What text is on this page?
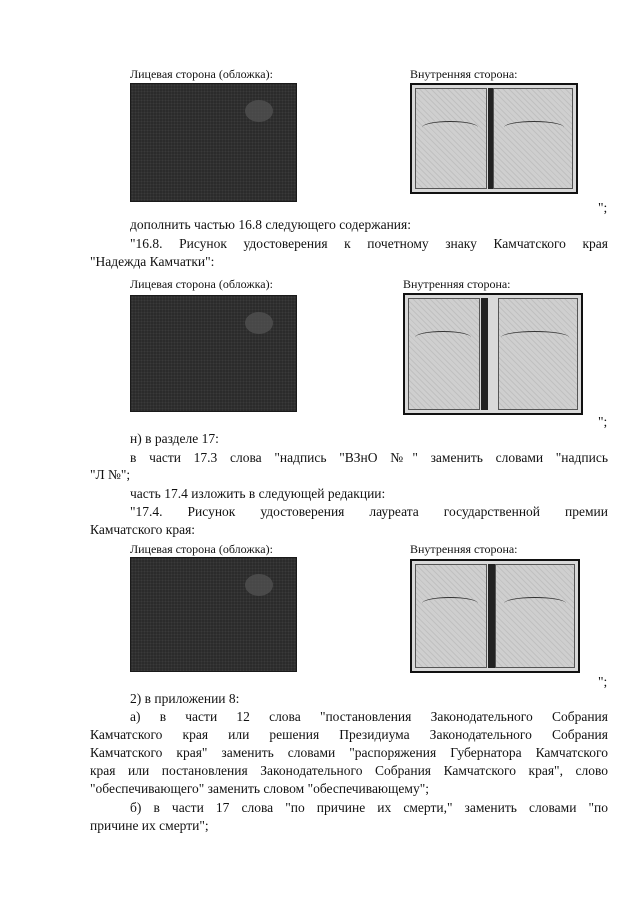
Лицевая сторона (обложка):	Внутренняя сторона:
";
дополнить частью 16.8 следующего содержания:
"16.8. Рисунок удостоверения к почетному знаку Камчатского края
"Надежда Камчатки":
Лицевая сторона (обложка):	Внутренняя сторона:
";
н) в разделе 17:
в части 17.3 слова "надпись "ВЗнО №" заменить словами "надпись
"Л №";
часть 17.4 изложить в следующей редакции:
"17.4. Рисунок удостоверения лауреата государственной премии
Камчатского края:
Лицевая сторона (обложка):	Внутренняя сторона:
";
2) в приложении 8:
а) в части 12 слова "постановления Законодательного Собрания
Камчатского края или решения Президиума Законодательного Собрания
Камчатского края" заменить словами "распоряжения Губернатора Камчатского
края или постановления Законодательного Собрания Камчатского края", слово
"обеспечивающего" заменить словом "обеспечивающему";
б) в части 17 слова "по причине их смерти," заменить словами "по
причине их смерти";
